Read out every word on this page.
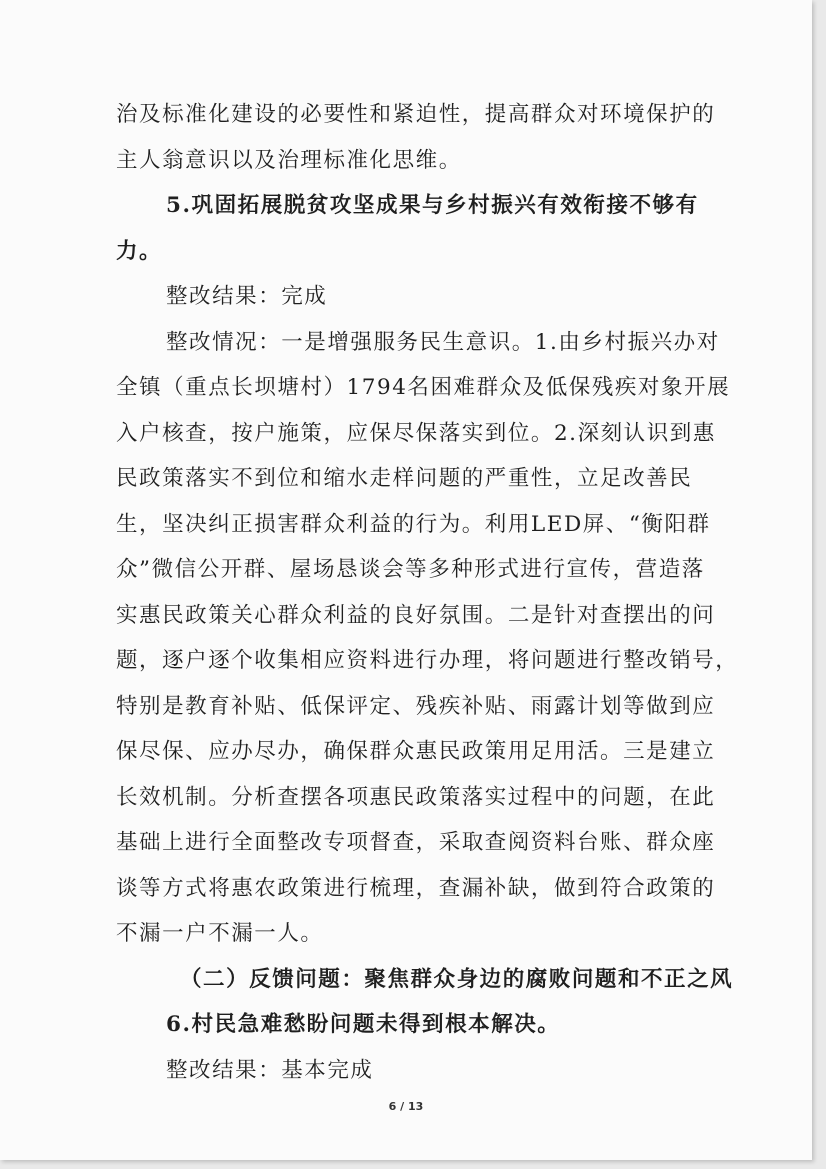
治及标准化建设的必要性和紧迫性，提高群众对环境保护的
主人翁意识以及治理标准化思维。
5.巩固拓展脱贫攻坚成果与乡村振兴有效衔接不够有
力。
整改结果：完成
整改情况：一是增强服务民生意识。1.由乡村振兴办对
全镇（重点长坝塘村）1794名困难群众及低保残疾对象开展
入户核查，按户施策，应保尽保落实到位。2.深刻认识到惠
民政策落实不到位和缩水走样问题的严重性，立足改善民
生，坚决纠正损害群众利益的行为。利用LED屏、“衡阳群
众”微信公开群、屋场恳谈会等多种形式进行宣传，营造落
实惠民政策关心群众利益的良好氛围。二是针对查摆出的问
题，逐户逐个收集相应资料进行办理，将问题进行整改销号，
特别是教育补贴、低保评定、残疾补贴、雨露计划等做到应
保尽保、应办尽办，确保群众惠民政策用足用活。三是建立
长效机制。分析查摆各项惠民政策落实过程中的问题，在此
基础上进行全面整改专项督查，采取查阅资料台账、群众座
谈等方式将惠农政策进行梳理，查漏补缺，做到符合政策的
不漏一户不漏一人。
（二）反馈问题：聚焦群众身边的腐败问题和不正之风
6.村民急难愁盼问题未得到根本解决。
整改结果：基本完成
6 / 13
